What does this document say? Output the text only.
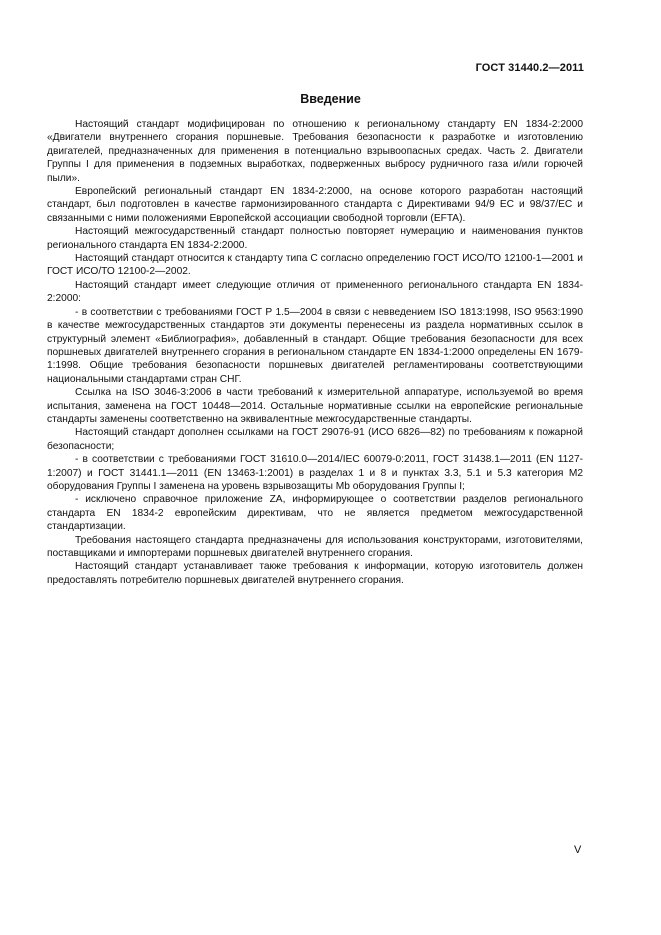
ГОСТ 31440.2—2011
Введение

Настоящий стандарт модифицирован по отношению к региональному стандарту EN 1834-2:2000 «Двигатели внутреннего сгорания поршневые. Требования безопасности к разработке и изготовлению двигателей, предназначенных для применения в потенциально взрывоопасных средах. Часть 2. Двигатели Группы I для применения в подземных выработках, подверженных выбросу рудничного газа и/или горючей пыли».

Европейский региональный стандарт EN 1834-2:2000, на основе которого разработан настоящий стандарт, был подготовлен в качестве гармонизированного стандарта с Директивами 94/9 EC и 98/37/EC и связанными с ними положениями Европейской ассоциации свободной торговли (EFTA).

Настоящий межгосударственный стандарт полностью повторяет нумерацию и наименования пунктов регионального стандарта EN 1834-2:2000.

Настоящий стандарт относится к стандарту типа С согласно определению ГОСТ ИСО/ТО 12100-1—2001 и ГОСТ ИСО/ТО 12100-2—2002.

Настоящий стандарт имеет следующие отличия от примененного регионального стандарта EN 1834-2:2000:

- в соответствии с требованиями ГОСТ Р 1.5—2004 в связи с невведением ISO 1813:1998, ISO 9563:1990 в качестве межгосударственных стандартов эти документы перенесены из раздела нормативных ссылок в структурный элемент «Библиография», добавленный в стандарт. Общие требования безопасности для всех поршневых двигателей внутреннего сгорания в региональном стандарте EN 1834-1:2000 определены EN 1679-1:1998. Общие требования безопасности поршневых двигателей регламентированы соответствующими национальными стандартами стран СНГ.

Ссылка на ISO 3046-3:2006 в части требований к измерительной аппаратуре, используемой во время испытания, заменена на ГОСТ 10448—2014. Остальные нормативные ссылки на европейские региональные стандарты заменены соответственно на эквивалентные межгосударственные стандарты.

Настоящий стандарт дополнен ссылками на ГОСТ 29076-91 (ИСО 6826—82) по требованиям к пожарной безопасности;

- в соответствии с требованиями ГОСТ 31610.0—2014/IEC 60079-0:2011, ГОСТ 31438.1—2011 (EN 1127-1:2007) и ГОСТ 31441.1—2011 (EN 13463-1:2001) в разделах 1 и 8 и пунктах 3.3, 5.1 и 5.3 категория М2 оборудования Группы I заменена на уровень взрывозащиты Mb оборудования Группы I;

- исключено справочное приложение ZA, информирующее о соответствии разделов регионального стандарта EN 1834-2 европейским директивам, что не является предметом межгосударственной стандартизации.

Требования настоящего стандарта предназначены для использования конструкторами, изготовителями, поставщиками и импортерами поршневых двигателей внутреннего сгорания.

Настоящий стандарт устанавливает также требования к информации, которую изготовитель должен предоставлять потребителю поршневых двигателей внутреннего сгорания.

V
